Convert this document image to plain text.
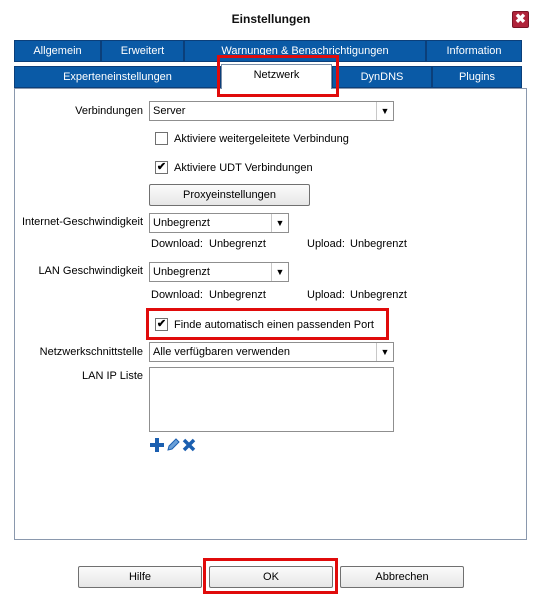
Einstellungen	✖
Allgemein	Erweitert	Warnungen & Benachrichtigungen	Information
Experteneinstellungen	DynDNS	Plugins
Netzwerk
Verbindungen Server	▼
Aktiviere weitergeleitete Verbindung
✔ Aktiviere UDT Verbindungen
Proxyeinstellungen
Internet-Geschwindigkeit Unbegrenzt	▼
Download: Unbegrenzt	Upload: Unbegrenzt
LAN Geschwindigkeit Unbegrenzt	▼
Download: Unbegrenzt	Upload: Unbegrenzt
✔ Finde automatisch einen passenden Port
Netzwerkschnittstelle Alle verfügbaren verwenden	▼
LAN IP Liste
Hilfe	OK	Abbrechen
